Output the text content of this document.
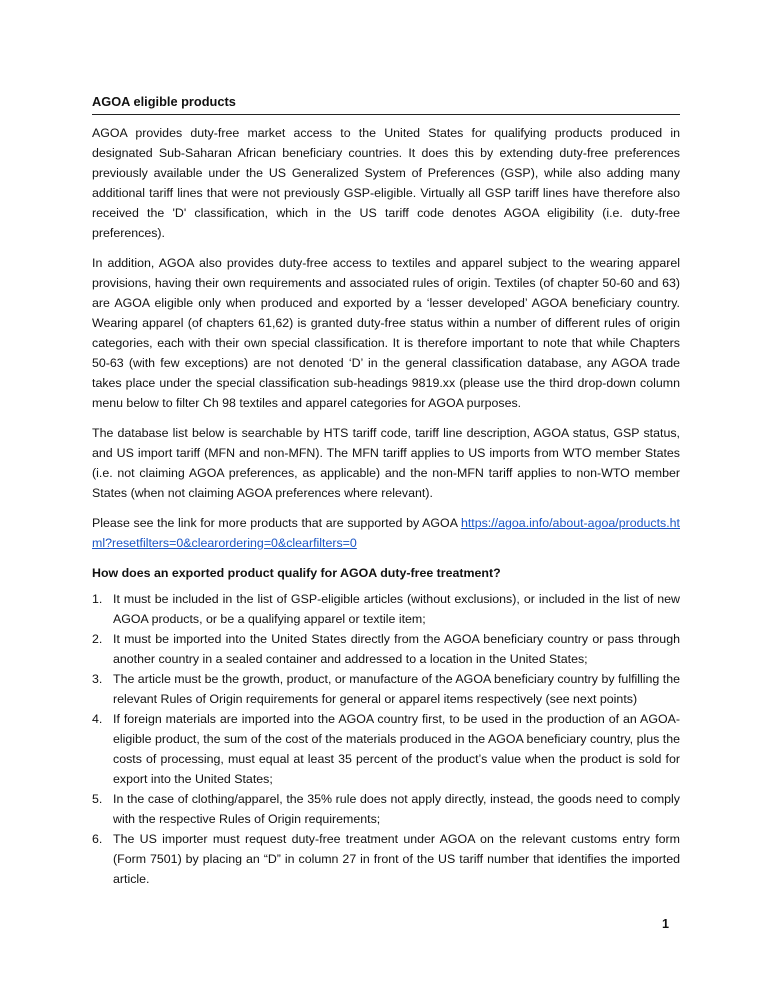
AGOA eligible products

AGOA provides duty-free market access to the United States for qualifying products produced in designated Sub-Saharan African beneficiary countries. It does this by extending duty-free preferences previously available under the US Generalized System of Preferences (GSP), while also adding many additional tariff lines that were not previously GSP-eligible. Virtually all GSP tariff lines have therefore also received the 'D' classification, which in the US tariff code denotes AGOA eligibility (i.e. duty-free preferences).

In addition, AGOA also provides duty-free access to textiles and apparel subject to the wearing apparel provisions, having their own requirements and associated rules of origin. Textiles (of chapter 50-60 and 63) are AGOA eligible only when produced and exported by a ‘lesser developed’ AGOA beneficiary country. Wearing apparel (of chapters 61,62) is granted duty-free status within a number of different rules of origin categories, each with their own special classification. It is therefore important to note that while Chapters 50-63 (with few exceptions) are not denoted ‘D’ in the general classification database, any AGOA trade takes place under the special classification sub-headings 9819.xx (please use the third drop-down column menu below to filter Ch 98 textiles and apparel categories for AGOA purposes.

The database list below is searchable by HTS tariff code, tariff line description, AGOA status, GSP status, and US import tariff (MFN and non-MFN). The MFN tariff applies to US imports from WTO member States (i.e. not claiming AGOA preferences, as applicable) and the non-MFN tariff applies to non-WTO member States (when not claiming AGOA preferences where relevant).

Please see the link for more products that are supported by AGOA https://agoa.info/about-agoa/products.html?resetfilters=0&clearordering=0&clearfilters=0

How does an exported product qualify for AGOA duty-free treatment?
1. It must be included in the list of GSP-eligible articles (without exclusions), or included in the list of new AGOA products, or be a qualifying apparel or textile item;
2. It must be imported into the United States directly from the AGOA beneficiary country or pass through another country in a sealed container and addressed to a location in the United States;
3. The article must be the growth, product, or manufacture of the AGOA beneficiary country by fulfilling the relevant Rules of Origin requirements for general or apparel items respectively (see next points)
4. If foreign materials are imported into the AGOA country first, to be used in the production of an AGOA-eligible product, the sum of the cost of the materials produced in the AGOA beneficiary country, plus the costs of processing, must equal at least 35 percent of the product’s value when the product is sold for export into the United States;
5. In the case of clothing/apparel, the 35% rule does not apply directly, instead, the goods need to comply with the respective Rules of Origin requirements;
6. The US importer must request duty-free treatment under AGOA on the relevant customs entry form (Form 7501) by placing an “D” in column 27 in front of the US tariff number that identifies the imported article.
1
